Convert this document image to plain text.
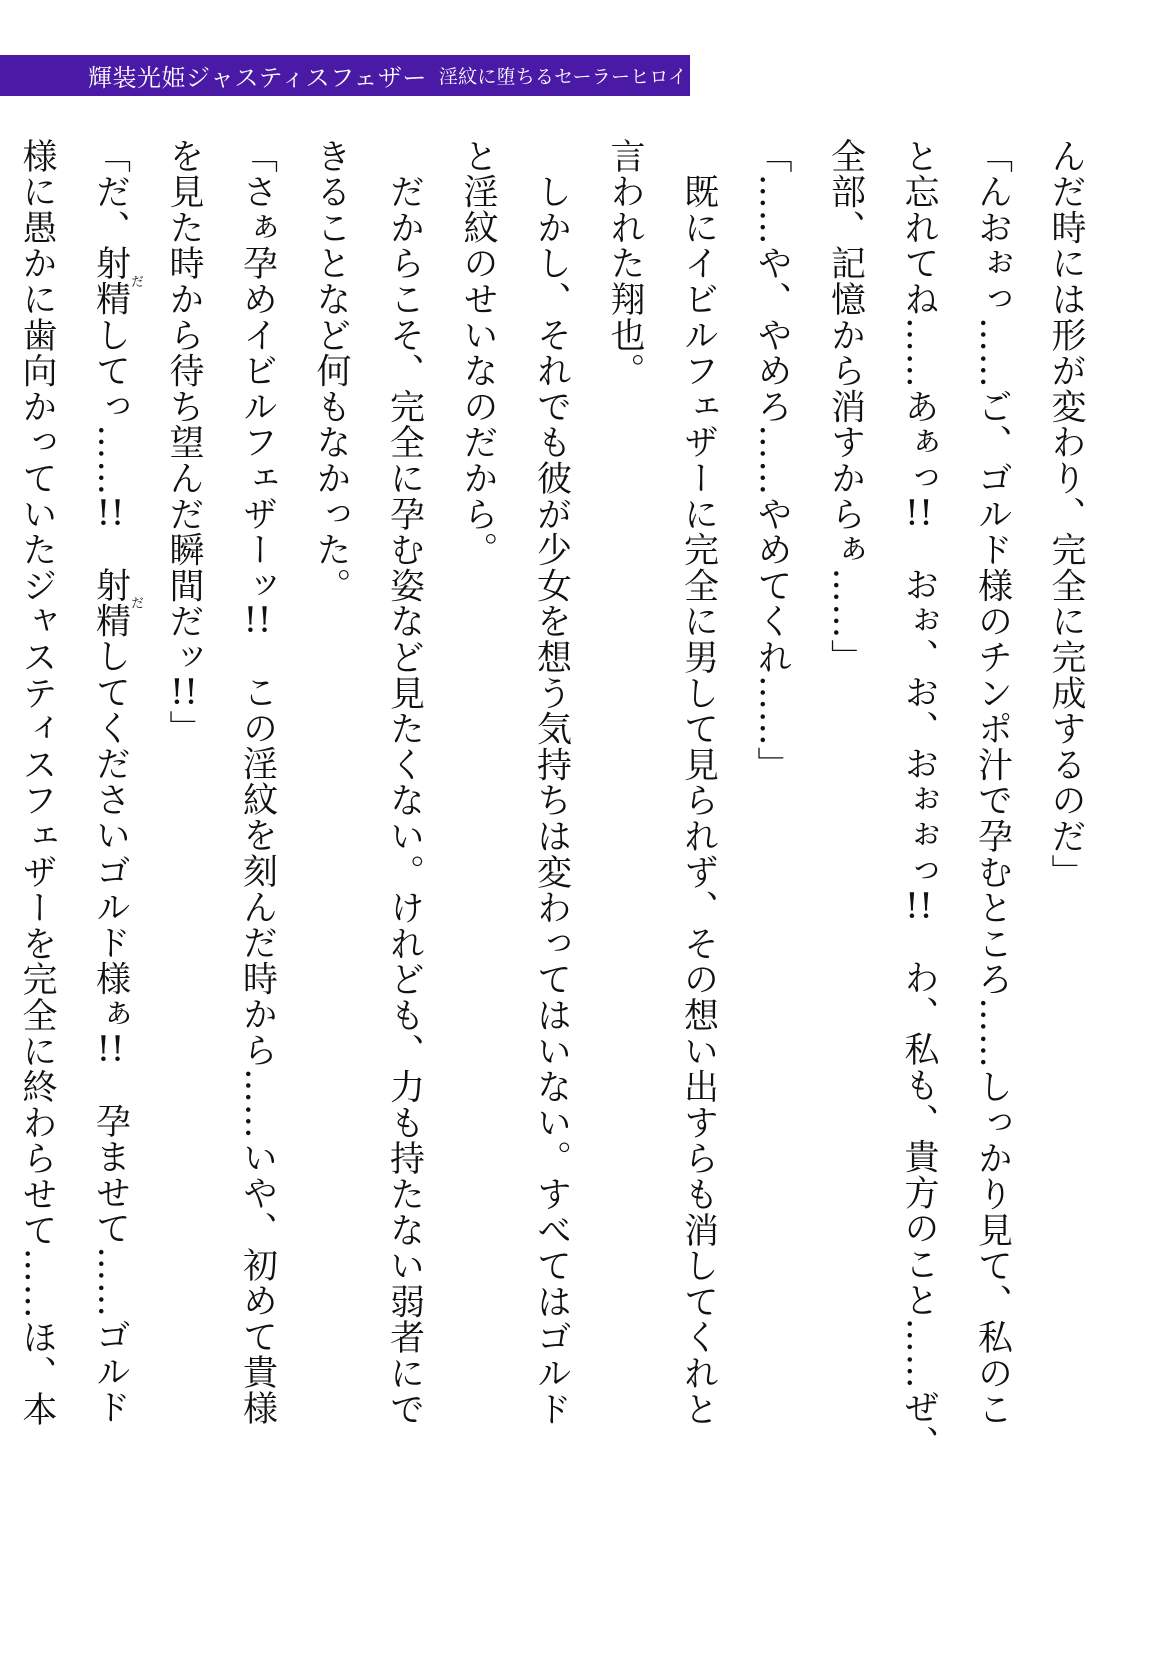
輝装光姫ジャスティスフェザー 淫紋に堕ちるセーラーヒロイン

んだ時には形が変わり、完全に完成するのだ」

「んおぉっ……ご、ゴルド様のチンポ汁で孕むところ……しっかり見て、私のこ

と忘れてね……あぁっ!!　おぉ、お、おぉぉっ!!　わ、私も、貴方のこと……ぜ、

全部、記憶から消すからぁ……」

「……や、やめろ……やめてくれ……」

　既にイビルフェザーに完全に男して見られず、その想い出すらも消してくれと

言われた翔也。

　しかし、それでも彼が少女を想う気持ちは変わってはいない。すべてはゴルド

と淫紋のせいなのだから。

　だからこそ、完全に孕む姿など見たくない。けれども、力も持たない弱者にで

きることなど何もなかった。

「さぁ孕めイビルフェザーッ!!　この淫紋を刻んだ時から……いや、初めて貴様

を見た時から待ち望んだ瞬間だッ!!」

「だ、射精だしてっ……!!　射精だしてくださいゴルド様ぁ!!　孕ませて……ゴルド

様に愚かに歯向かっていたジャスティスフェザーを完全に終わらせて……ほ、本
